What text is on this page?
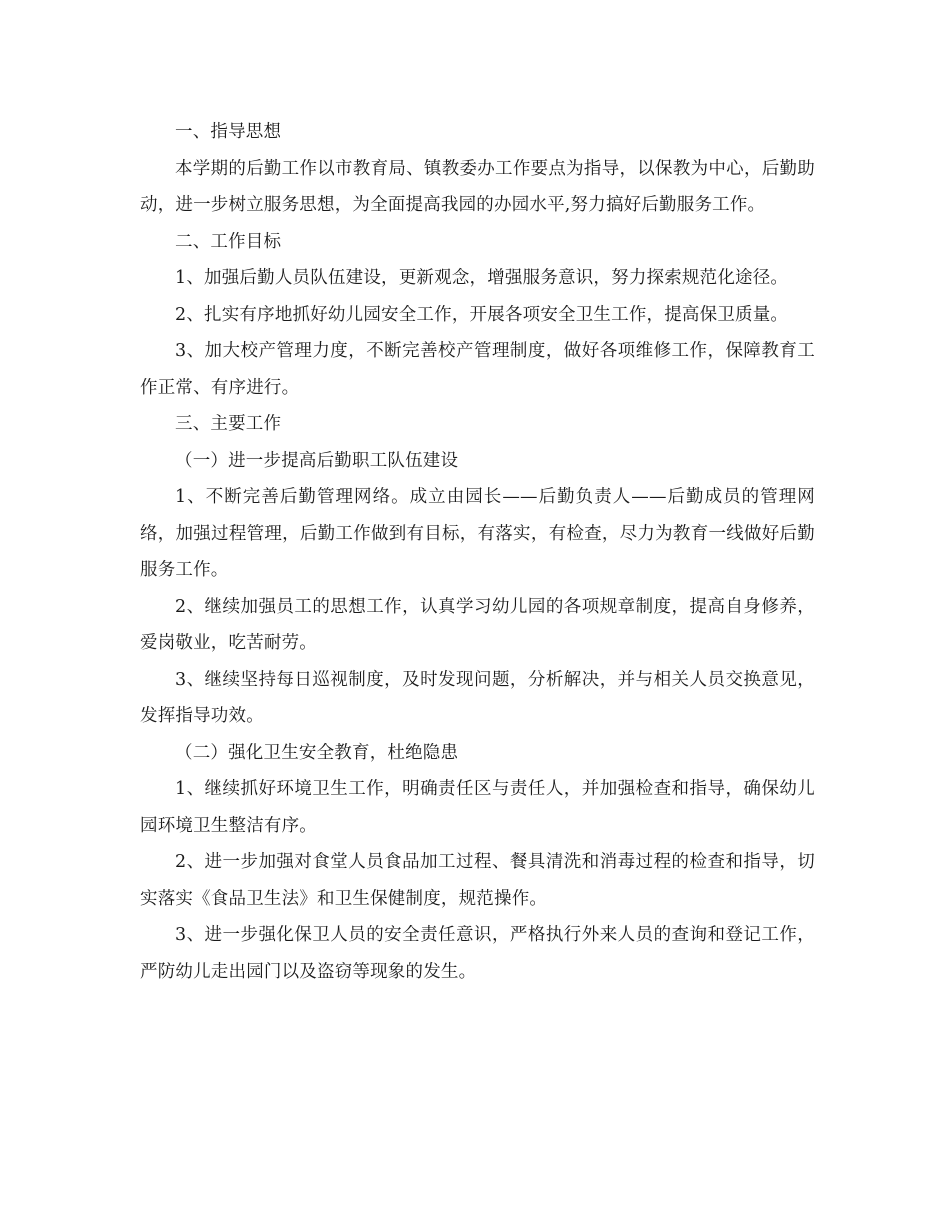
一、指导思想

本学期的后勤工作以市教育局、镇教委办工作要点为指导，以保教为中心，后勤助动，进一步树立服务思想，为全面提高我园的办园水平,努力搞好后勤服务工作。

二、工作目标

1、加强后勤人员队伍建设，更新观念，增强服务意识，努力探索规范化途径。

2、扎实有序地抓好幼儿园安全工作，开展各项安全卫生工作，提高保卫质量。

3、加大校产管理力度，不断完善校产管理制度，做好各项维修工作，保障教育工作正常、有序进行。

三、主要工作

（一）进一步提高后勤职工队伍建设

1、不断完善后勤管理网络。成立由园长——后勤负责人——后勤成员的管理网络，加强过程管理，后勤工作做到有目标，有落实，有检查，尽力为教育一线做好后勤服务工作。

2、继续加强员工的思想工作，认真学习幼儿园的各项规章制度，提高自身修养，爱岗敬业，吃苦耐劳。

3、继续坚持每日巡视制度，及时发现问题，分析解决，并与相关人员交换意见，发挥指导功效。

（二）强化卫生安全教育，杜绝隐患

1、继续抓好环境卫生工作，明确责任区与责任人，并加强检查和指导，确保幼儿园环境卫生整洁有序。

2、进一步加强对食堂人员食品加工过程、餐具清洗和消毒过程的检查和指导，切实落实《食品卫生法》和卫生保健制度，规范操作。

3、进一步强化保卫人员的安全责任意识，严格执行外来人员的查询和登记工作，严防幼儿走出园门以及盗窃等现象的发生。
